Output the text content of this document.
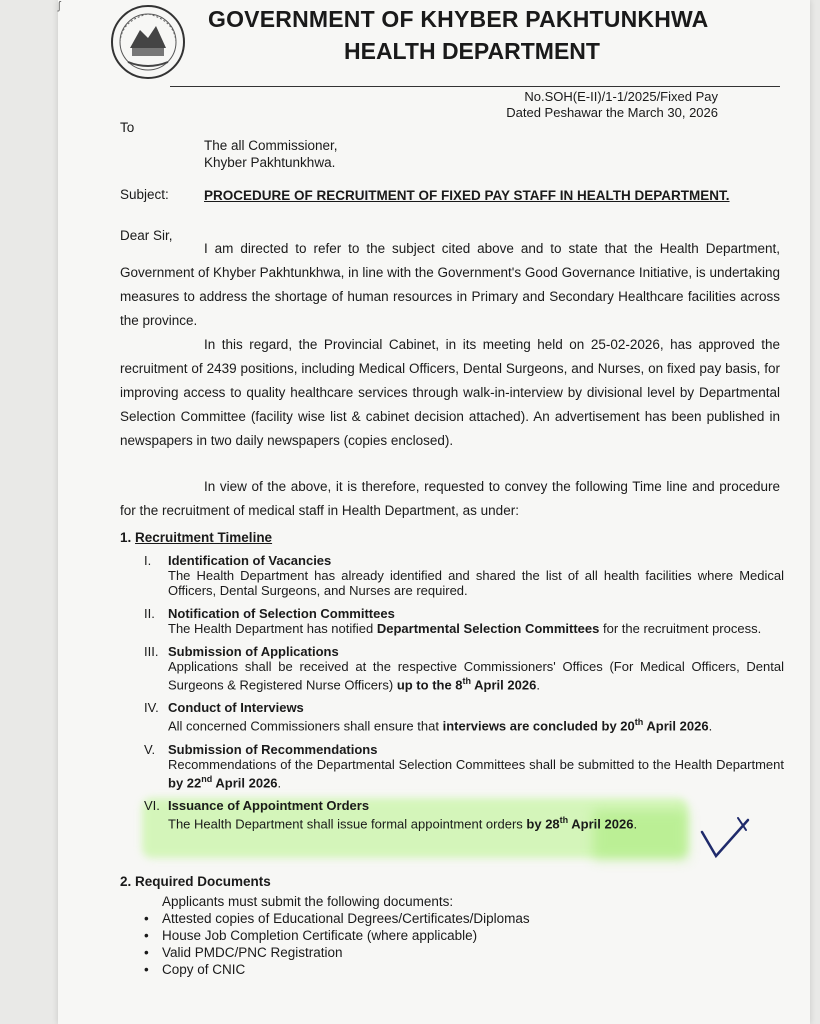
ʃ	GOVERNMENT OF KHYBER PAKHTUNKHWA
HEALTH DEPARTMENT
No.SOH(E-II)/1-1/2025/Fixed Pay
Dated Peshawar the March 30, 2026
To
The all Commissioner,
Khyber Pakhtunkhwa.
Subject:	PROCEDURE OF RECRUITMENT OF FIXED PAY STAFF IN HEALTH DEPARTMENT.
Dear Sir,
I am directed to refer to the subject cited above and to state that the Health Department, Government of Khyber Pakhtunkhwa, in line with the Government's Good Governance Initiative, is undertaking measures to address the shortage of human resources in Primary and Secondary Healthcare facilities across the province.
In this regard, the Provincial Cabinet, in its meeting held on 25-02-2026, has approved the recruitment of 2439 positions, including Medical Officers, Dental Surgeons, and Nurses, on fixed pay basis, for improving access to quality healthcare services through walk-in-interview by divisional level by Departmental Selection Committee (facility wise list & cabinet decision attached). An advertisement has been published in newspapers in two daily newspapers (copies enclosed).
In view of the above, it is therefore, requested to convey the following Time line and procedure for the recruitment of medical staff in Health Department, as under:
1. Recruitment Timeline
I. Identification of Vacancies
The Health Department has already identified and shared the list of all health facilities where Medical Officers, Dental Surgeons, and Nurses are required.
II. Notification of Selection Committees
The Health Department has notified Departmental Selection Committees for the recruitment process.
III. Submission of Applications
Applications shall be received at the respective Commissioners' Offices (For Medical Officers, Dental Surgeons & Registered Nurse Officers) up to the 8th April 2026.
IV. Conduct of Interviews
All concerned Commissioners shall ensure that interviews are concluded by 20th April 2026.
V. Submission of Recommendations
Recommendations of the Departmental Selection Committees shall be submitted to the Health Department by 22nd April 2026.
VI. Issuance of Appointment Orders
The Health Department shall issue formal appointment orders by 28th April 2026.
2. Required Documents
Applicants must submit the following documents:
• Attested copies of Educational Degrees/Certificates/Diplomas
• House Job Completion Certificate (where applicable)
• Valid PMDC/PNC Registration
• Copy of CNIC
